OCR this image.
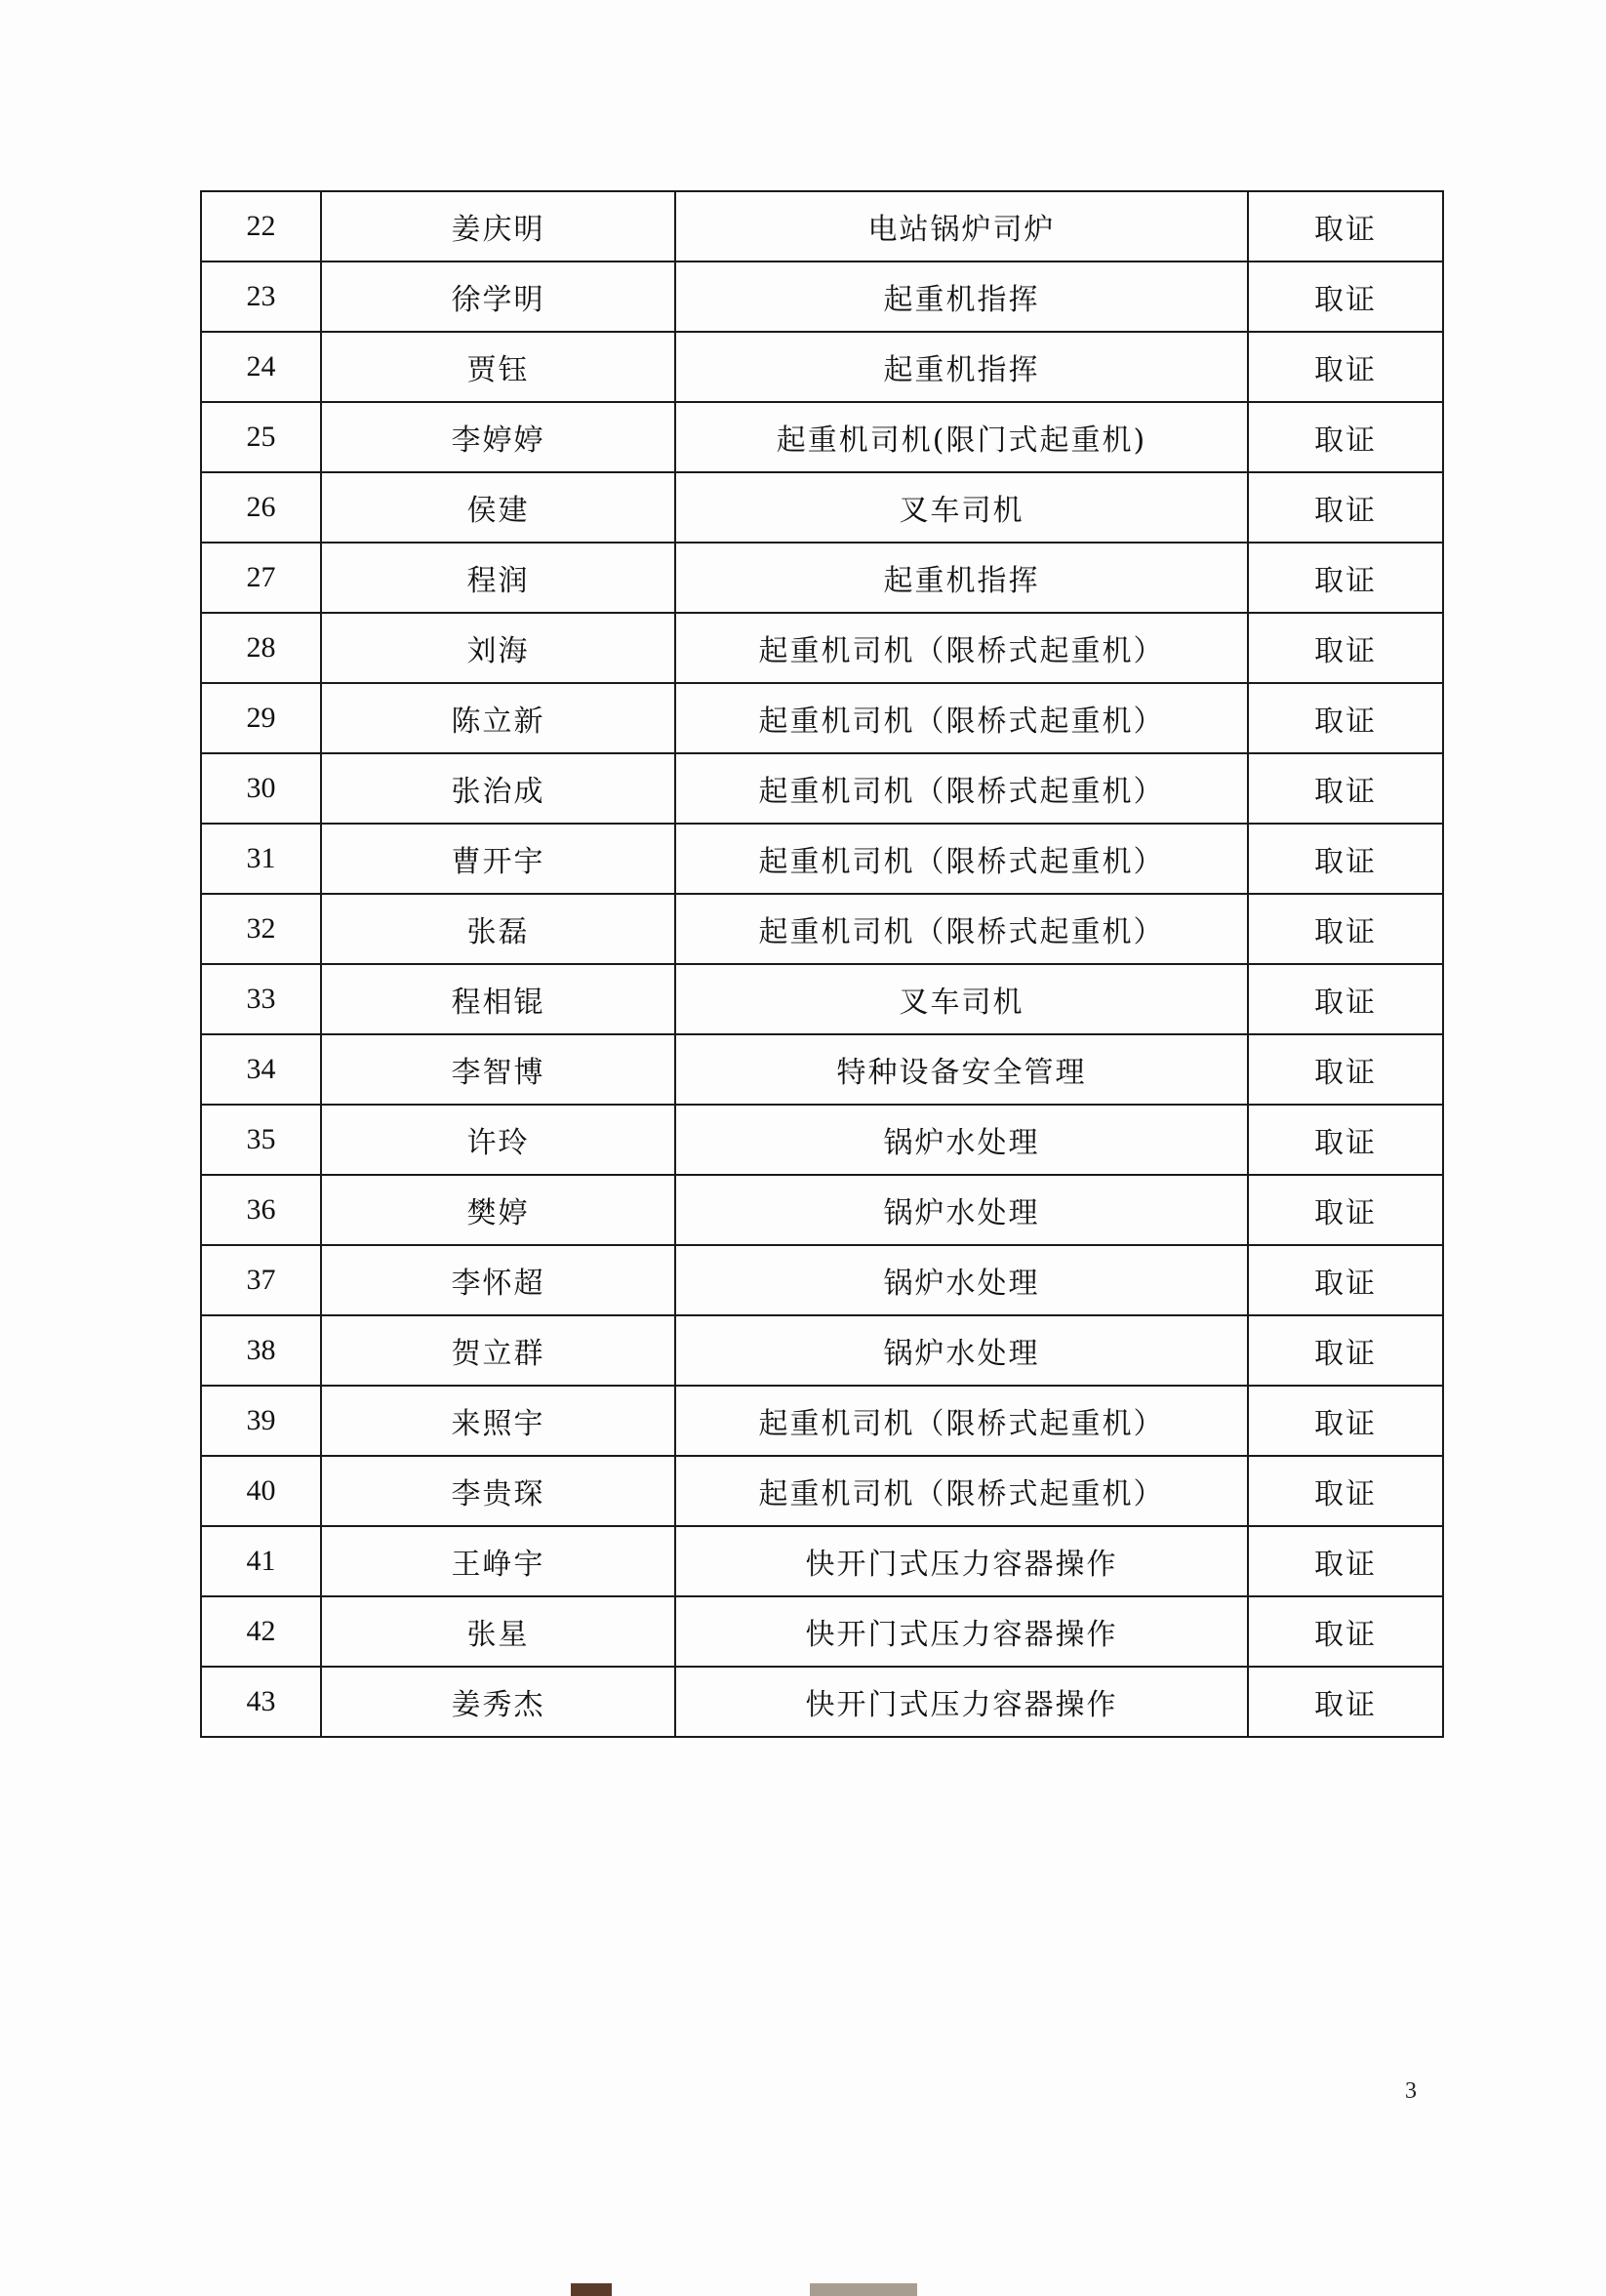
22	姜庆明	电站锅炉司炉	取证
23	徐学明	起重机指挥	取证
24	贾钰	起重机指挥	取证
25	李婷婷	起重机司机(限门式起重机)	取证
26	侯建	叉车司机	取证
27	程润	起重机指挥	取证
28	刘海	起重机司机（限桥式起重机）	取证
29	陈立新	起重机司机（限桥式起重机）	取证
30	张治成	起重机司机（限桥式起重机）	取证
31	曹开宇	起重机司机（限桥式起重机）	取证
32	张磊	起重机司机（限桥式起重机）	取证
33	程相锟	叉车司机	取证
34	李智博	特种设备安全管理	取证
35	许玲	锅炉水处理	取证
36	樊婷	锅炉水处理	取证
37	李怀超	锅炉水处理	取证
38	贺立群	锅炉水处理	取证
39	来照宇	起重机司机（限桥式起重机）	取证
40	李贵琛	起重机司机（限桥式起重机）	取证
41	王峥宇	快开门式压力容器操作	取证
42	张星	快开门式压力容器操作	取证
43	姜秀杰	快开门式压力容器操作	取证
3
